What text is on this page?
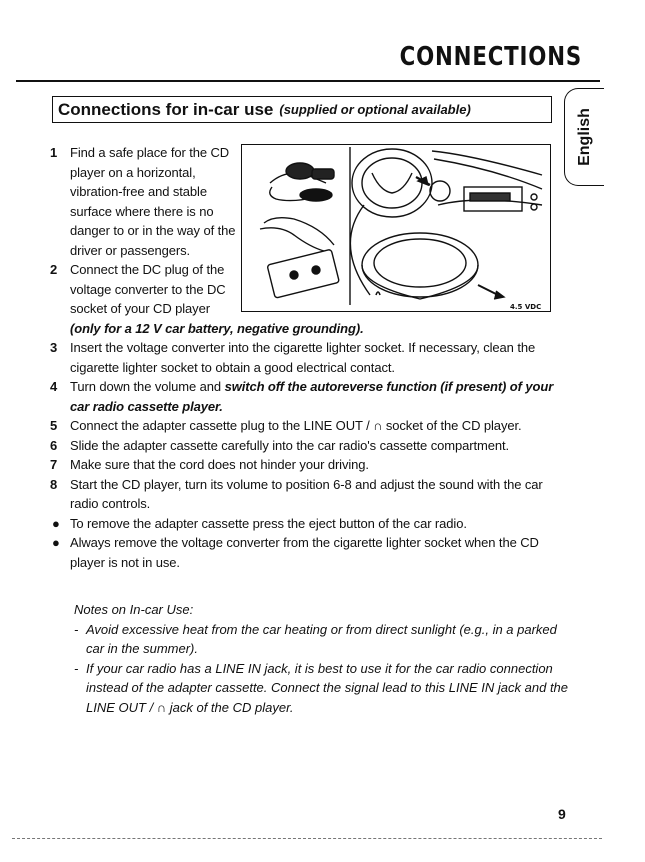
CONNECTIONS
Connections for in-car use (supplied or optional available)	English
4.5 VDC
1 Find a safe place for the CD player on a horizontal, vibration-free and stable surface where there is no danger to or in the way of the driver or passengers.
2 Connect the DC plug of the voltage converter to the DC socket of your CD player
(only for a 12 V car battery, negative grounding).
3 Insert the voltage converter into the cigarette lighter socket. If necessary, clean the cigarette lighter socket to obtain a good electrical contact.
4 Turn down the volume and switch off the autoreverse function (if present) of your car radio cassette player.
5 Connect the adapter cassette plug to the LINE OUT / ∩ socket of the CD player.
6 Slide the adapter cassette carefully into the car radio's cassette compartment.
7 Make sure that the cord does not hinder your driving.
8 Start the CD player, turn its volume to position 6-8 and adjust the sound with the car radio controls.
● To remove the adapter cassette press the eject button of the car radio.
● Always remove the voltage converter from the cigarette lighter socket when the CD player is not in use.
Notes on In-car Use:
- Avoid excessive heat from the car heating or from direct sunlight (e.g., in a parked car in the summer).
- If your car radio has a LINE IN jack, it is best to use it for the car radio connection instead of the adapter cassette. Connect the signal lead to this LINE IN jack and the LINE OUT / ∩ jack of the CD player.
9
